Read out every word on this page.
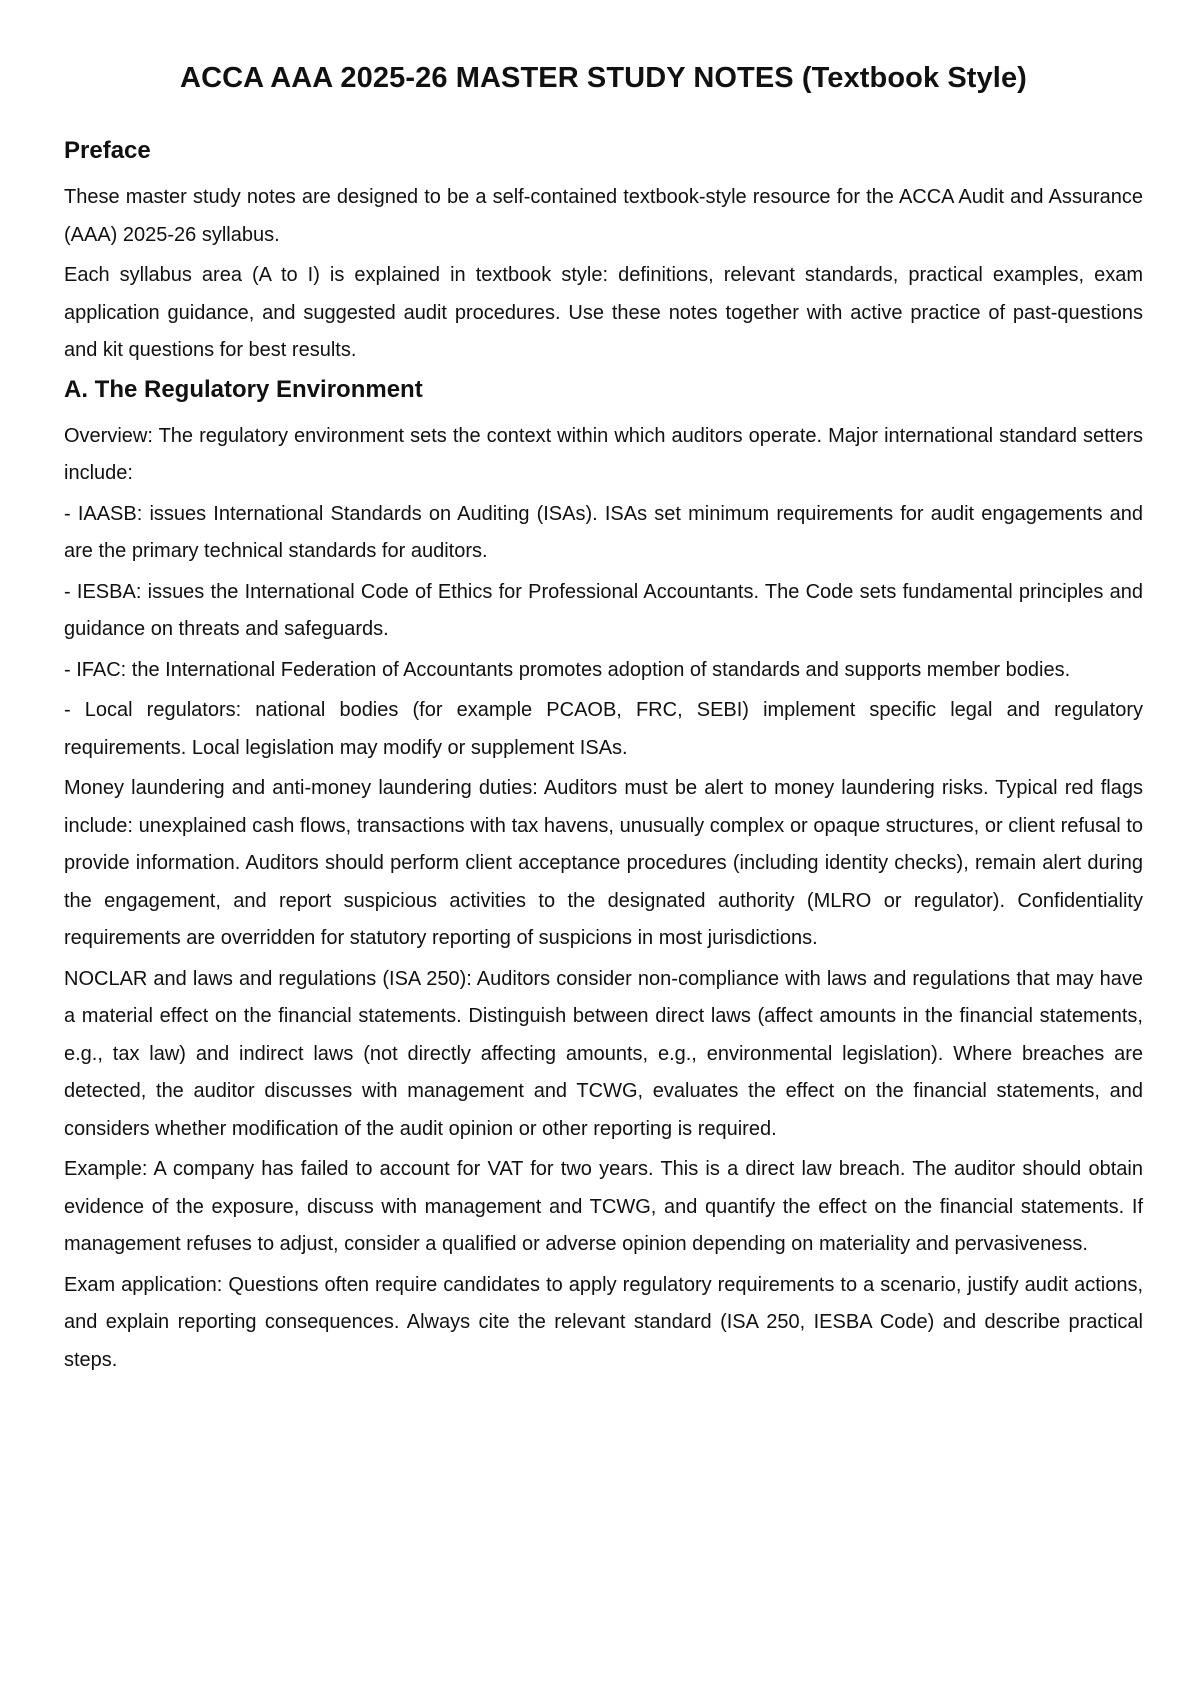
ACCA AAA 2025-26 MASTER STUDY NOTES (Textbook Style)
Preface

These master study notes are designed to be a self-contained textbook-style resource for the ACCA Audit and Assurance (AAA) 2025-26 syllabus.

Each syllabus area (A to I) is explained in textbook style: definitions, relevant standards, practical examples, exam application guidance, and suggested audit procedures. Use these notes together with active practice of past-questions and kit questions for best results.

A. The Regulatory Environment

Overview: The regulatory environment sets the context within which auditors operate. Major international standard setters include:

- IAASB: issues International Standards on Auditing (ISAs). ISAs set minimum requirements for audit engagements and are the primary technical standards for auditors.

- IESBA: issues the International Code of Ethics for Professional Accountants. The Code sets fundamental principles and guidance on threats and safeguards.

- IFAC: the International Federation of Accountants promotes adoption of standards and supports member bodies.

- Local regulators: national bodies (for example PCAOB, FRC, SEBI) implement specific legal and regulatory requirements. Local legislation may modify or supplement ISAs.

Money laundering and anti-money laundering duties: Auditors must be alert to money laundering risks. Typical red flags include: unexplained cash flows, transactions with tax havens, unusually complex or opaque structures, or client refusal to provide information. Auditors should perform client acceptance procedures (including identity checks), remain alert during the engagement, and report suspicious activities to the designated authority (MLRO or regulator). Confidentiality requirements are overridden for statutory reporting of suspicions in most jurisdictions.

NOCLAR and laws and regulations (ISA 250): Auditors consider non-compliance with laws and regulations that may have a material effect on the financial statements. Distinguish between direct laws (affect amounts in the financial statements, e.g., tax law) and indirect laws (not directly affecting amounts, e.g., environmental legislation). Where breaches are detected, the auditor discusses with management and TCWG, evaluates the effect on the financial statements, and considers whether modification of the audit opinion or other reporting is required.

Example: A company has failed to account for VAT for two years. This is a direct law breach. The auditor should obtain evidence of the exposure, discuss with management and TCWG, and quantify the effect on the financial statements. If management refuses to adjust, consider a qualified or adverse opinion depending on materiality and pervasiveness.

Exam application: Questions often require candidates to apply regulatory requirements to a scenario, justify audit actions, and explain reporting consequences. Always cite the relevant standard (ISA 250, IESBA Code) and describe practical steps.
